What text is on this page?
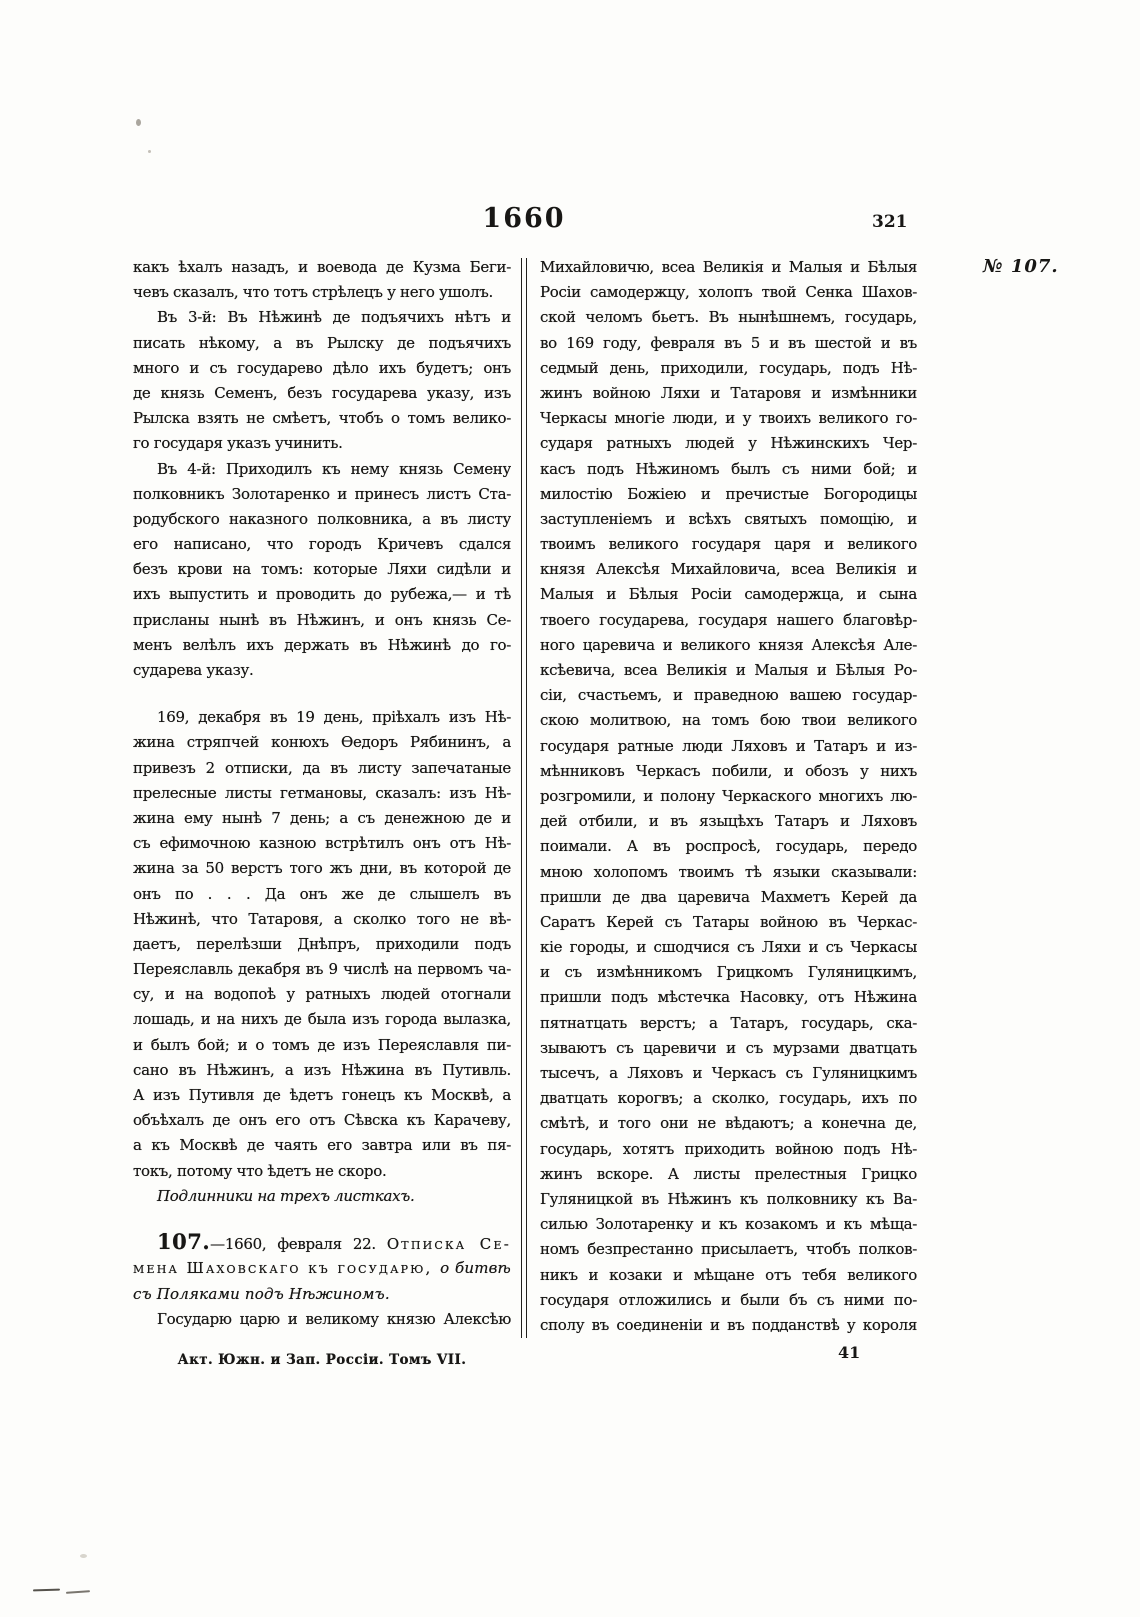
1660	321
№ 107.
какъ ѣхалъ назадъ, и воевода де Кузма Беги-
чевъ сказалъ, что тотъ стрѣлецъ у него ушолъ.
Въ 3-й: Въ Нѣжинѣ де подъячихъ нѣтъ и
писать нѣкому, а въ Рылску де подъячихъ
много и съ государево дѣло ихъ будетъ; онъ
де князь Семенъ, безъ государева указу, изъ
Рылска взять не смѣетъ, чтобъ о томъ велико-
го государя указъ учинить.
Въ 4-й: Приходилъ къ нему князь Семену
полковникъ Золотаренко и принесъ листъ Ста-
родубского наказного полковника, а въ листу
его написано, что городъ Кричевъ сдался
безъ крови на томъ: которые Ляхи сидѣли и
ихъ выпустить и проводить до рубежа,— и тѣ
присланы нынѣ въ Нѣжинъ, и онъ князь Се-
менъ велѣлъ ихъ держать въ Нѣжинѣ до го-
сударева указу.
169, декабря въ 19 день, пріѣхалъ изъ Нѣ-
жина стряпчей конюхъ Ѳедоръ Рябининъ, а
привезъ 2 отписки, да въ листу запечатаные
прелесные листы гетмановы, сказалъ: изъ Нѣ-
жина ему нынѣ 7 день; а съ денежною де и
съ ефимочною казною встрѣтилъ онъ отъ Нѣ-
жина за 50 верстъ того жъ дни, въ которой де
онъ по . . . Да онъ же де слышелъ въ
Нѣжинѣ, что Татаровя, а сколко того не вѣ-
даетъ, перелѣзши Днѣпръ, приходили подъ
Переяславль декабря въ 9 числѣ на первомъ ча-
су, и на водопоѣ у ратныхъ людей отогнали
лошадь, и на нихъ де была изъ города вылазка,
и былъ бой; и о томъ де изъ Переяславля пи-
сано въ Нѣжинъ, а изъ Нѣжина въ Путивль.
А изъ Путивля де ѣдетъ гонецъ къ Москвѣ, а
объѣхалъ де онъ его отъ Сѣвска къ Карачеву,
а къ Москвѣ де чаять его завтра или въ пя-
токъ, потому что ѣдетъ не скоро.
Подлинники на трехъ листкахъ.
107.—1660, февраля 22. Отписка Се-
мена Шаховскаго къ государю, о битвѣ
съ Поляками подъ Нѣжиномъ.
Государю царю и великому князю Алексѣю
Михайловичю, всеа Великія и Малыя и Бѣлыя
Росіи самодержцу, холопъ твой Сенка Шахов-
ской челомъ бьетъ. Въ нынѣшнемъ, государь,
во 169 году, февраля въ 5 и въ шестой и въ
седмый день, приходили, государь, подъ Нѣ-
жинъ войною Ляхи и Татаровя и измѣнники
Черкасы многіе люди, и у твоихъ великого го-
сударя ратныхъ людей у Нѣжинскихъ Чер-
касъ подъ Нѣжиномъ былъ съ ними бой; и
милостію Божіею и пречистые Богородицы
заступленіемъ и всѣхъ святыхъ помощію, и
твоимъ великого государя царя и великого
князя Алексѣя Михайловича, всеа Великія и
Малыя и Бѣлыя Росіи самодержца, и сына
твоего государева, государя нашего благовѣр-
ного царевича и великого князя Алексѣя Але-
ксѣевича, всеа Великія и Малыя и Бѣлыя Ро-
сіи, счастьемъ, и праведною вашею государ-
скою молитвою, на томъ бою твои великого
государя ратные люди Ляховъ и Татаръ и из-
мѣнниковъ Черкасъ побили, и обозъ у нихъ
розгромили, и полону Черкаского многихъ лю-
дей отбили, и въ языцѣхъ Татаръ и Ляховъ
поимали. А въ роспросѣ, государь, передо
мною холопомъ твоимъ тѣ языки сказывали:
пришли де два царевича Махметъ Керей да
Саратъ Керей съ Татары войною въ Черкас-
кіе городы, и сшодчися съ Ляхи и съ Черкасы
и съ измѣнникомъ Грицкомъ Гуляницкимъ,
пришли подъ мѣстечка Насовку, отъ Нѣжина
пятнатцать верстъ; а Татаръ, государь, ска-
зываютъ съ царевичи и съ мурзами дватцать
тысечъ, а Ляховъ и Черкасъ съ Гуляницкимъ
дватцать корогвъ; а сколко, государь, ихъ по
смѣтѣ, и того они не вѣдаютъ; а конечна де,
государь, хотятъ приходить войною подъ Нѣ-
жинъ вскоре. А листы прелестныя Грицко
Гуляницкой въ Нѣжинъ къ полковнику къ Ва-
силью Золотаренку и къ козакомъ и къ мѣща-
номъ безпрестанно присылаетъ, чтобъ полков-
никъ и козаки и мѣщане отъ тебя великого
государя отложились и были бъ съ ними по-
сполу въ соединеніи и въ подданствѣ у короля
Акт. Южн. и Зап. Россіи. Томъ VII.	41
